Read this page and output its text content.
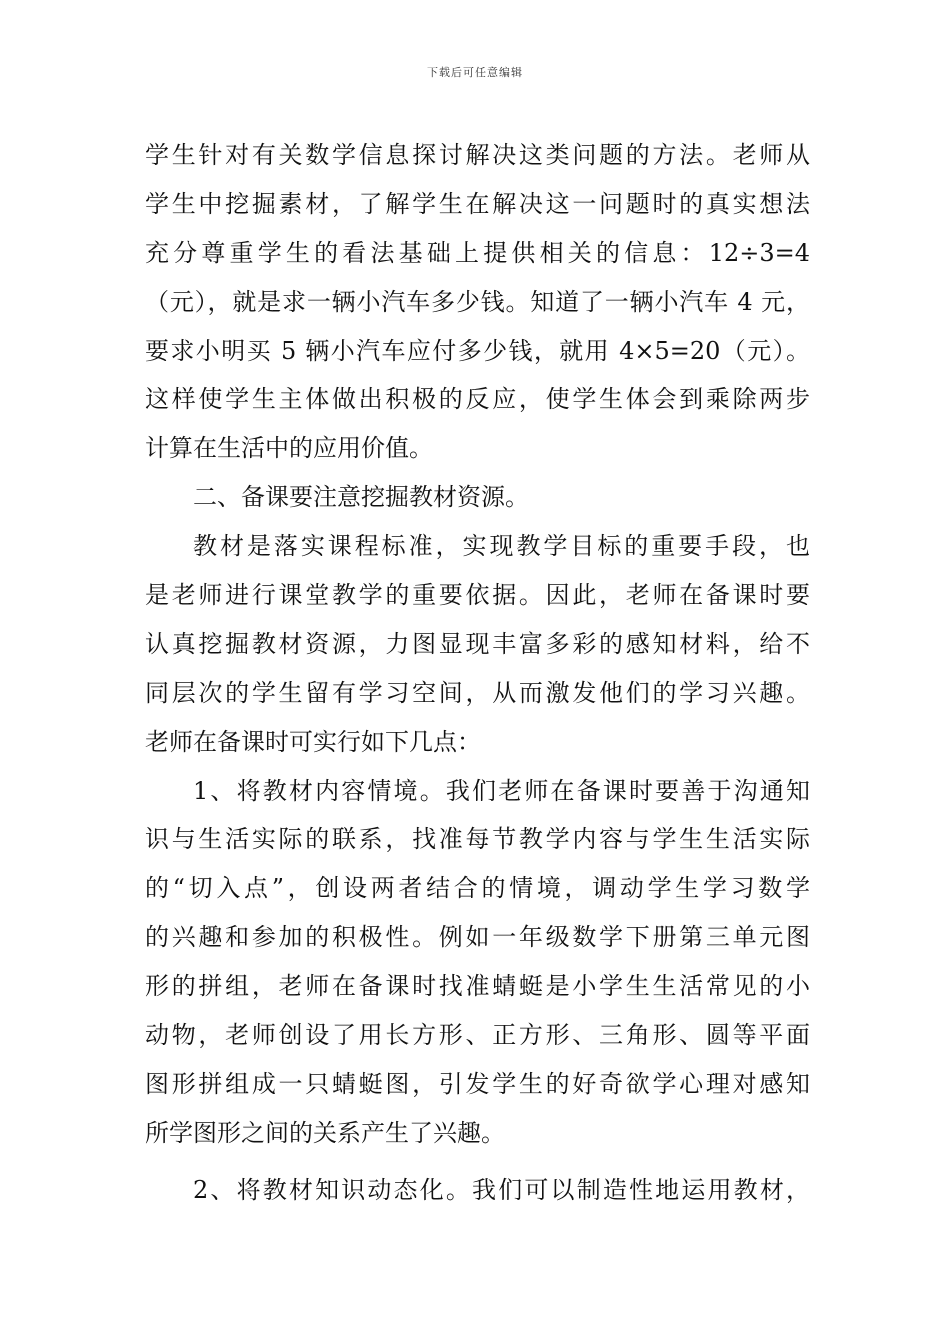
下载后可任意编辑
学生针对有关数学信息探讨解决这类问题的方法。老师从
学生中挖掘素材，了解学生在解决这一问题时的真实想法
充分尊重学生的看法基础上提供相关的信息：12÷3=4
（元），就是求一辆小汽车多少钱。知道了一辆小汽车 4 元，
要求小明买 5 辆小汽车应付多少钱，就用 4×5=20（元）。
这样使学生主体做出积极的反应，使学生体会到乘除两步
计算在生活中的应用价值。
二、备课要注意挖掘教材资源。
教材是落实课程标准，实现教学目标的重要手段，也
是老师进行课堂教学的重要依据。因此，老师在备课时要
认真挖掘教材资源，力图显现丰富多彩的感知材料，给不
同层次的学生留有学习空间，从而激发他们的学习兴趣。
老师在备课时可实行如下几点：
1、将教材内容情境。我们老师在备课时要善于沟通知
识与生活实际的联系，找准每节教学内容与学生生活实际
的“切入点”，创设两者结合的情境，调动学生学习数学
的兴趣和参加的积极性。例如一年级数学下册第三单元图
形的拼组，老师在备课时找准蜻蜓是小学生生活常见的小
动物，老师创设了用长方形、正方形、三角形、圆等平面
图形拼组成一只蜻蜓图，引发学生的好奇欲学心理对感知
所学图形之间的关系产生了兴趣。
2、将教材知识动态化。我们可以制造性地运用教材，
